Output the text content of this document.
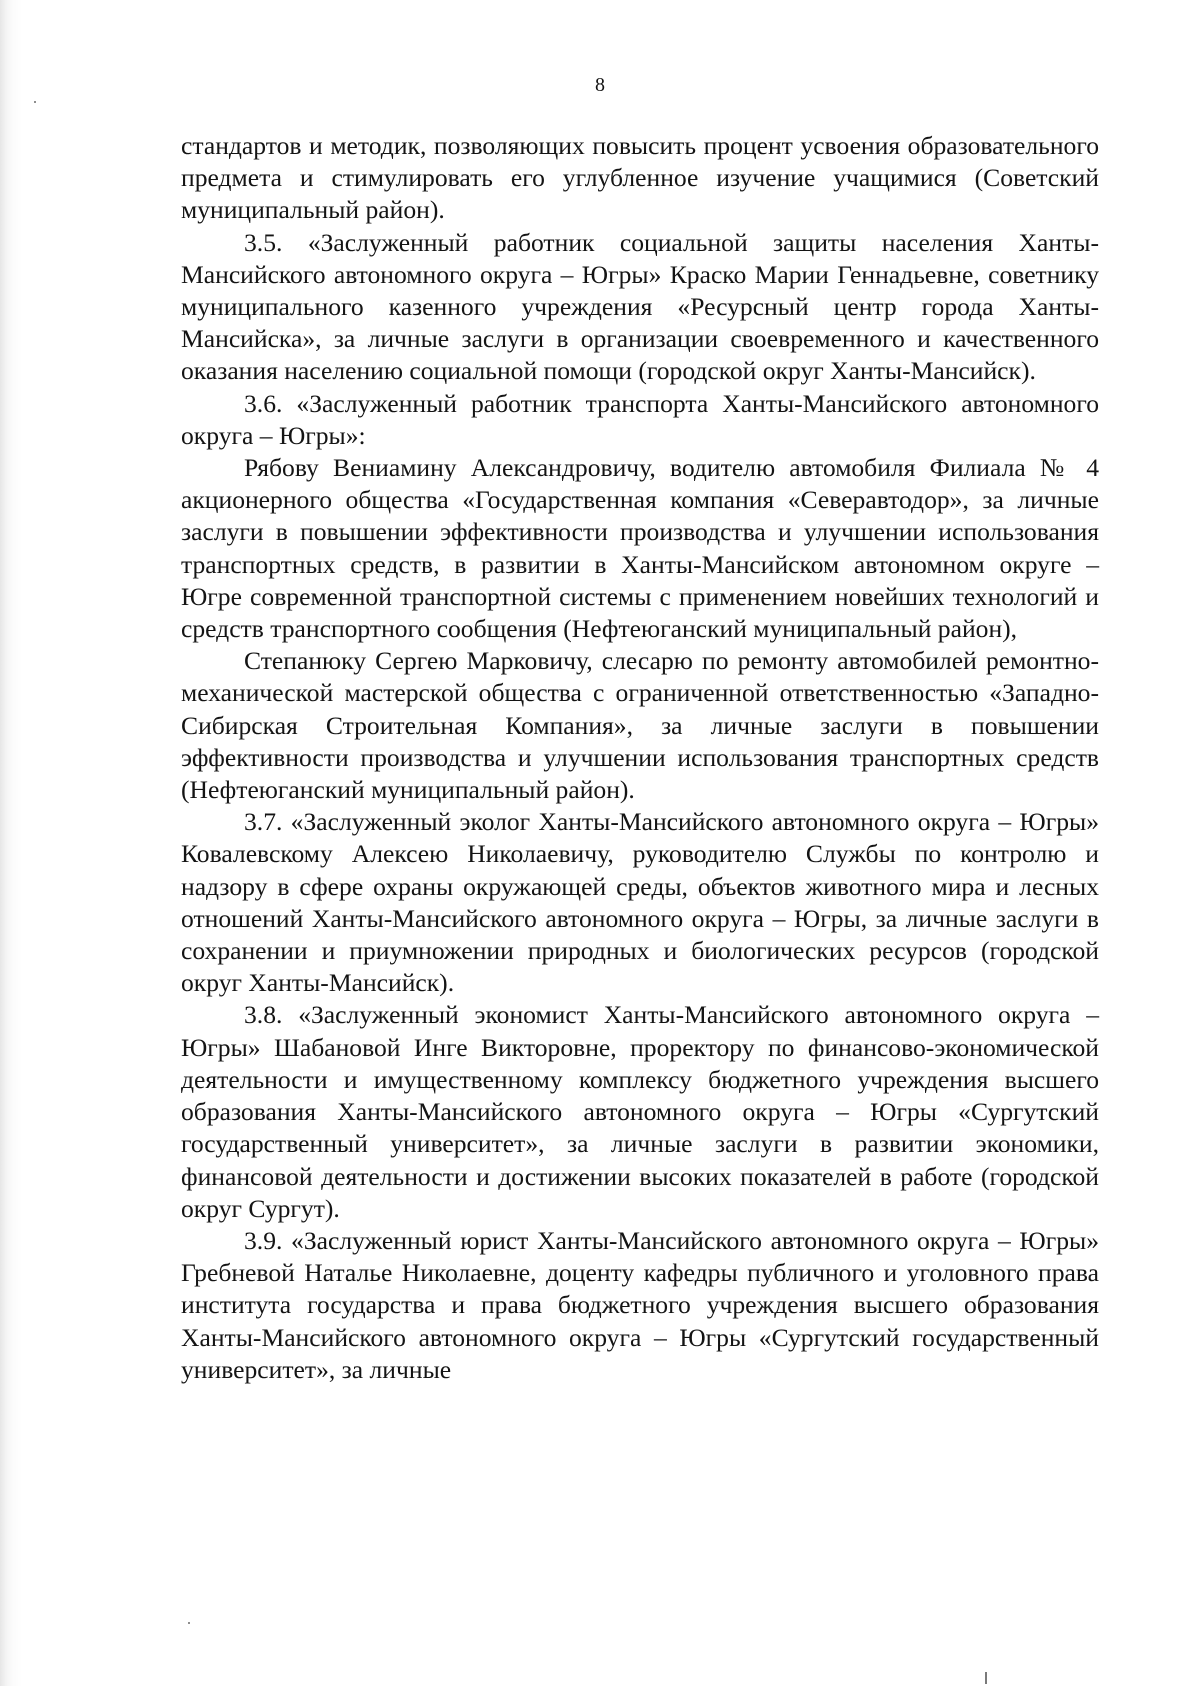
8

стандартов и методик, позволяющих повысить процент усвоения образовательного предмета и стимулировать его углубленное изучение учащимися (Советский муниципальный район).

3.5. «Заслуженный работник социальной защиты населения Ханты-Мансийского автономного округа – Югры» Краско Марии Геннадьевне, советнику муниципального казенного учреждения «Ресурсный центр города Ханты-Мансийска», за личные заслуги в организации своевременного и качественного оказания населению социальной помощи (городской округ Ханты-Мансийск).

3.6. «Заслуженный работник транспорта Ханты-Мансийского автономного округа – Югры»:

Рябову Вениамину Александровичу, водителю автомобиля Филиала № 4 акционерного общества «Государственная компания «Северавтодор», за личные заслуги в повышении эффективности производства и улучшении использования транспортных средств, в развитии в Ханты-Мансийском автономном округе – Югре современной транспортной системы с применением новейших технологий и средств транспортного сообщения (Нефтеюганский муниципальный район),

Степанюку Сергею Марковичу, слесарю по ремонту автомобилей ремонтно-механической мастерской общества с ограниченной ответственностью «Западно-Сибирская Строительная Компания», за личные заслуги в повышении эффективности производства и улучшении использования транспортных средств (Нефтеюганский муниципальный район).

3.7. «Заслуженный эколог Ханты-Мансийского автономного округа – Югры» Ковалевскому Алексею Николаевичу, руководителю Службы по контролю и надзору в сфере охраны окружающей среды, объектов животного мира и лесных отношений Ханты-Мансийского автономного округа – Югры, за личные заслуги в сохранении и приумножении природных и биологических ресурсов (городской округ Ханты-Мансийск).

3.8. «Заслуженный экономист Ханты-Мансийского автономного округа – Югры» Шабановой Инге Викторовне, проректору по финансово-экономической деятельности и имущественному комплексу бюджетного учреждения высшего образования Ханты-Мансийского автономного округа – Югры «Сургутский государственный университет», за личные заслуги в развитии экономики, финансовой деятельности и достижении высоких показателей в работе (городской округ Сургут).

3.9. «Заслуженный юрист Ханты-Мансийского автономного округа – Югры» Гребневой Наталье Николаевне, доценту кафедры публичного и уголовного права института государства и права бюджетного учреждения высшего образования Ханты-Мансийского автономного округа – Югры «Сургутский государственный университет», за личные
